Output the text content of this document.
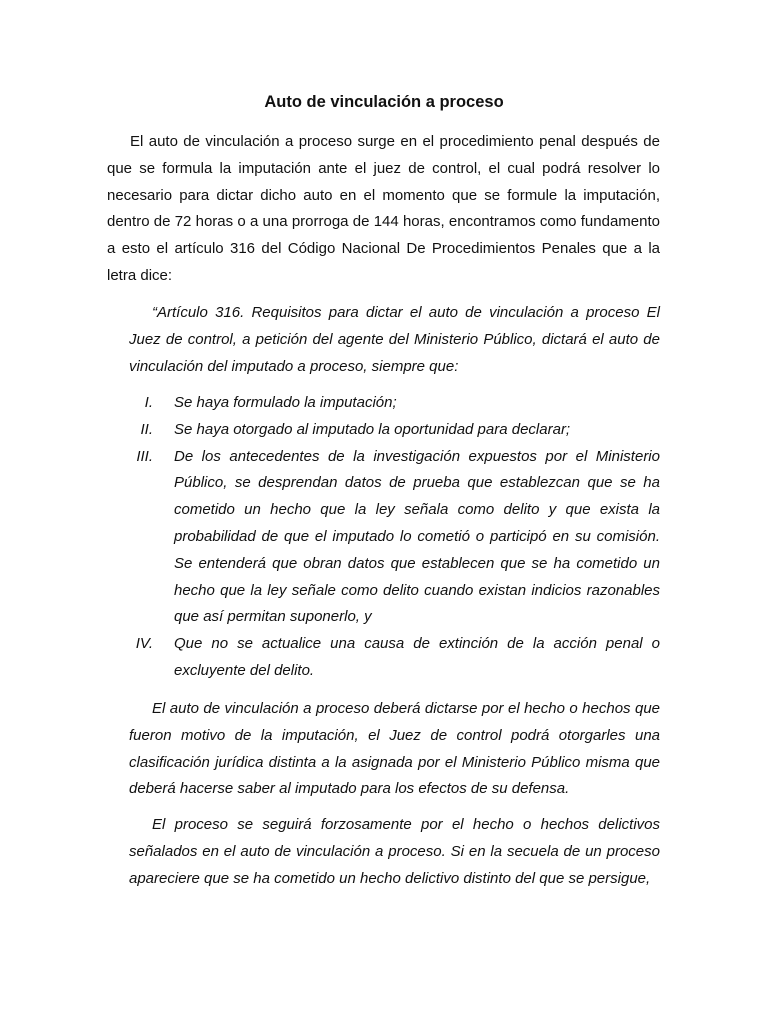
Auto de vinculación a proceso

El auto de vinculación a proceso surge en el procedimiento penal después de que se formula la imputación ante el juez de control, el cual podrá resolver lo necesario para dictar dicho auto en el momento que se formule la imputación, dentro de 72 horas o a una prorroga de 144 horas, encontramos como fundamento a esto el artículo 316 del Código Nacional De Procedimientos Penales que a la letra dice:

“Artículo 316. Requisitos para dictar el auto de vinculación a proceso El Juez de control, a petición del agente del Ministerio Público, dictará el auto de vinculación del imputado a proceso, siempre que:

I. Se haya formulado la imputación;
II. Se haya otorgado al imputado la oportunidad para declarar;
III. De los antecedentes de la investigación expuestos por el Ministerio Público, se desprendan datos de prueba que establezcan que se ha cometido un hecho que la ley señala como delito y que exista la probabilidad de que el imputado lo cometió o participó en su comisión. Se entenderá que obran datos que establecen que se ha cometido un hecho que la ley señale como delito cuando existan indicios razonables que así permitan suponerlo, y
IV. Que no se actualice una causa de extinción de la acción penal o excluyente del delito.

El auto de vinculación a proceso deberá dictarse por el hecho o hechos que fueron motivo de la imputación, el Juez de control podrá otorgarles una clasificación jurídica distinta a la asignada por el Ministerio Público misma que deberá hacerse saber al imputado para los efectos de su defensa.

El proceso se seguirá forzosamente por el hecho o hechos delictivos señalados en el auto de vinculación a proceso. Si en la secuela de un proceso apareciere que se ha cometido un hecho delictivo distinto del que se persigue,
